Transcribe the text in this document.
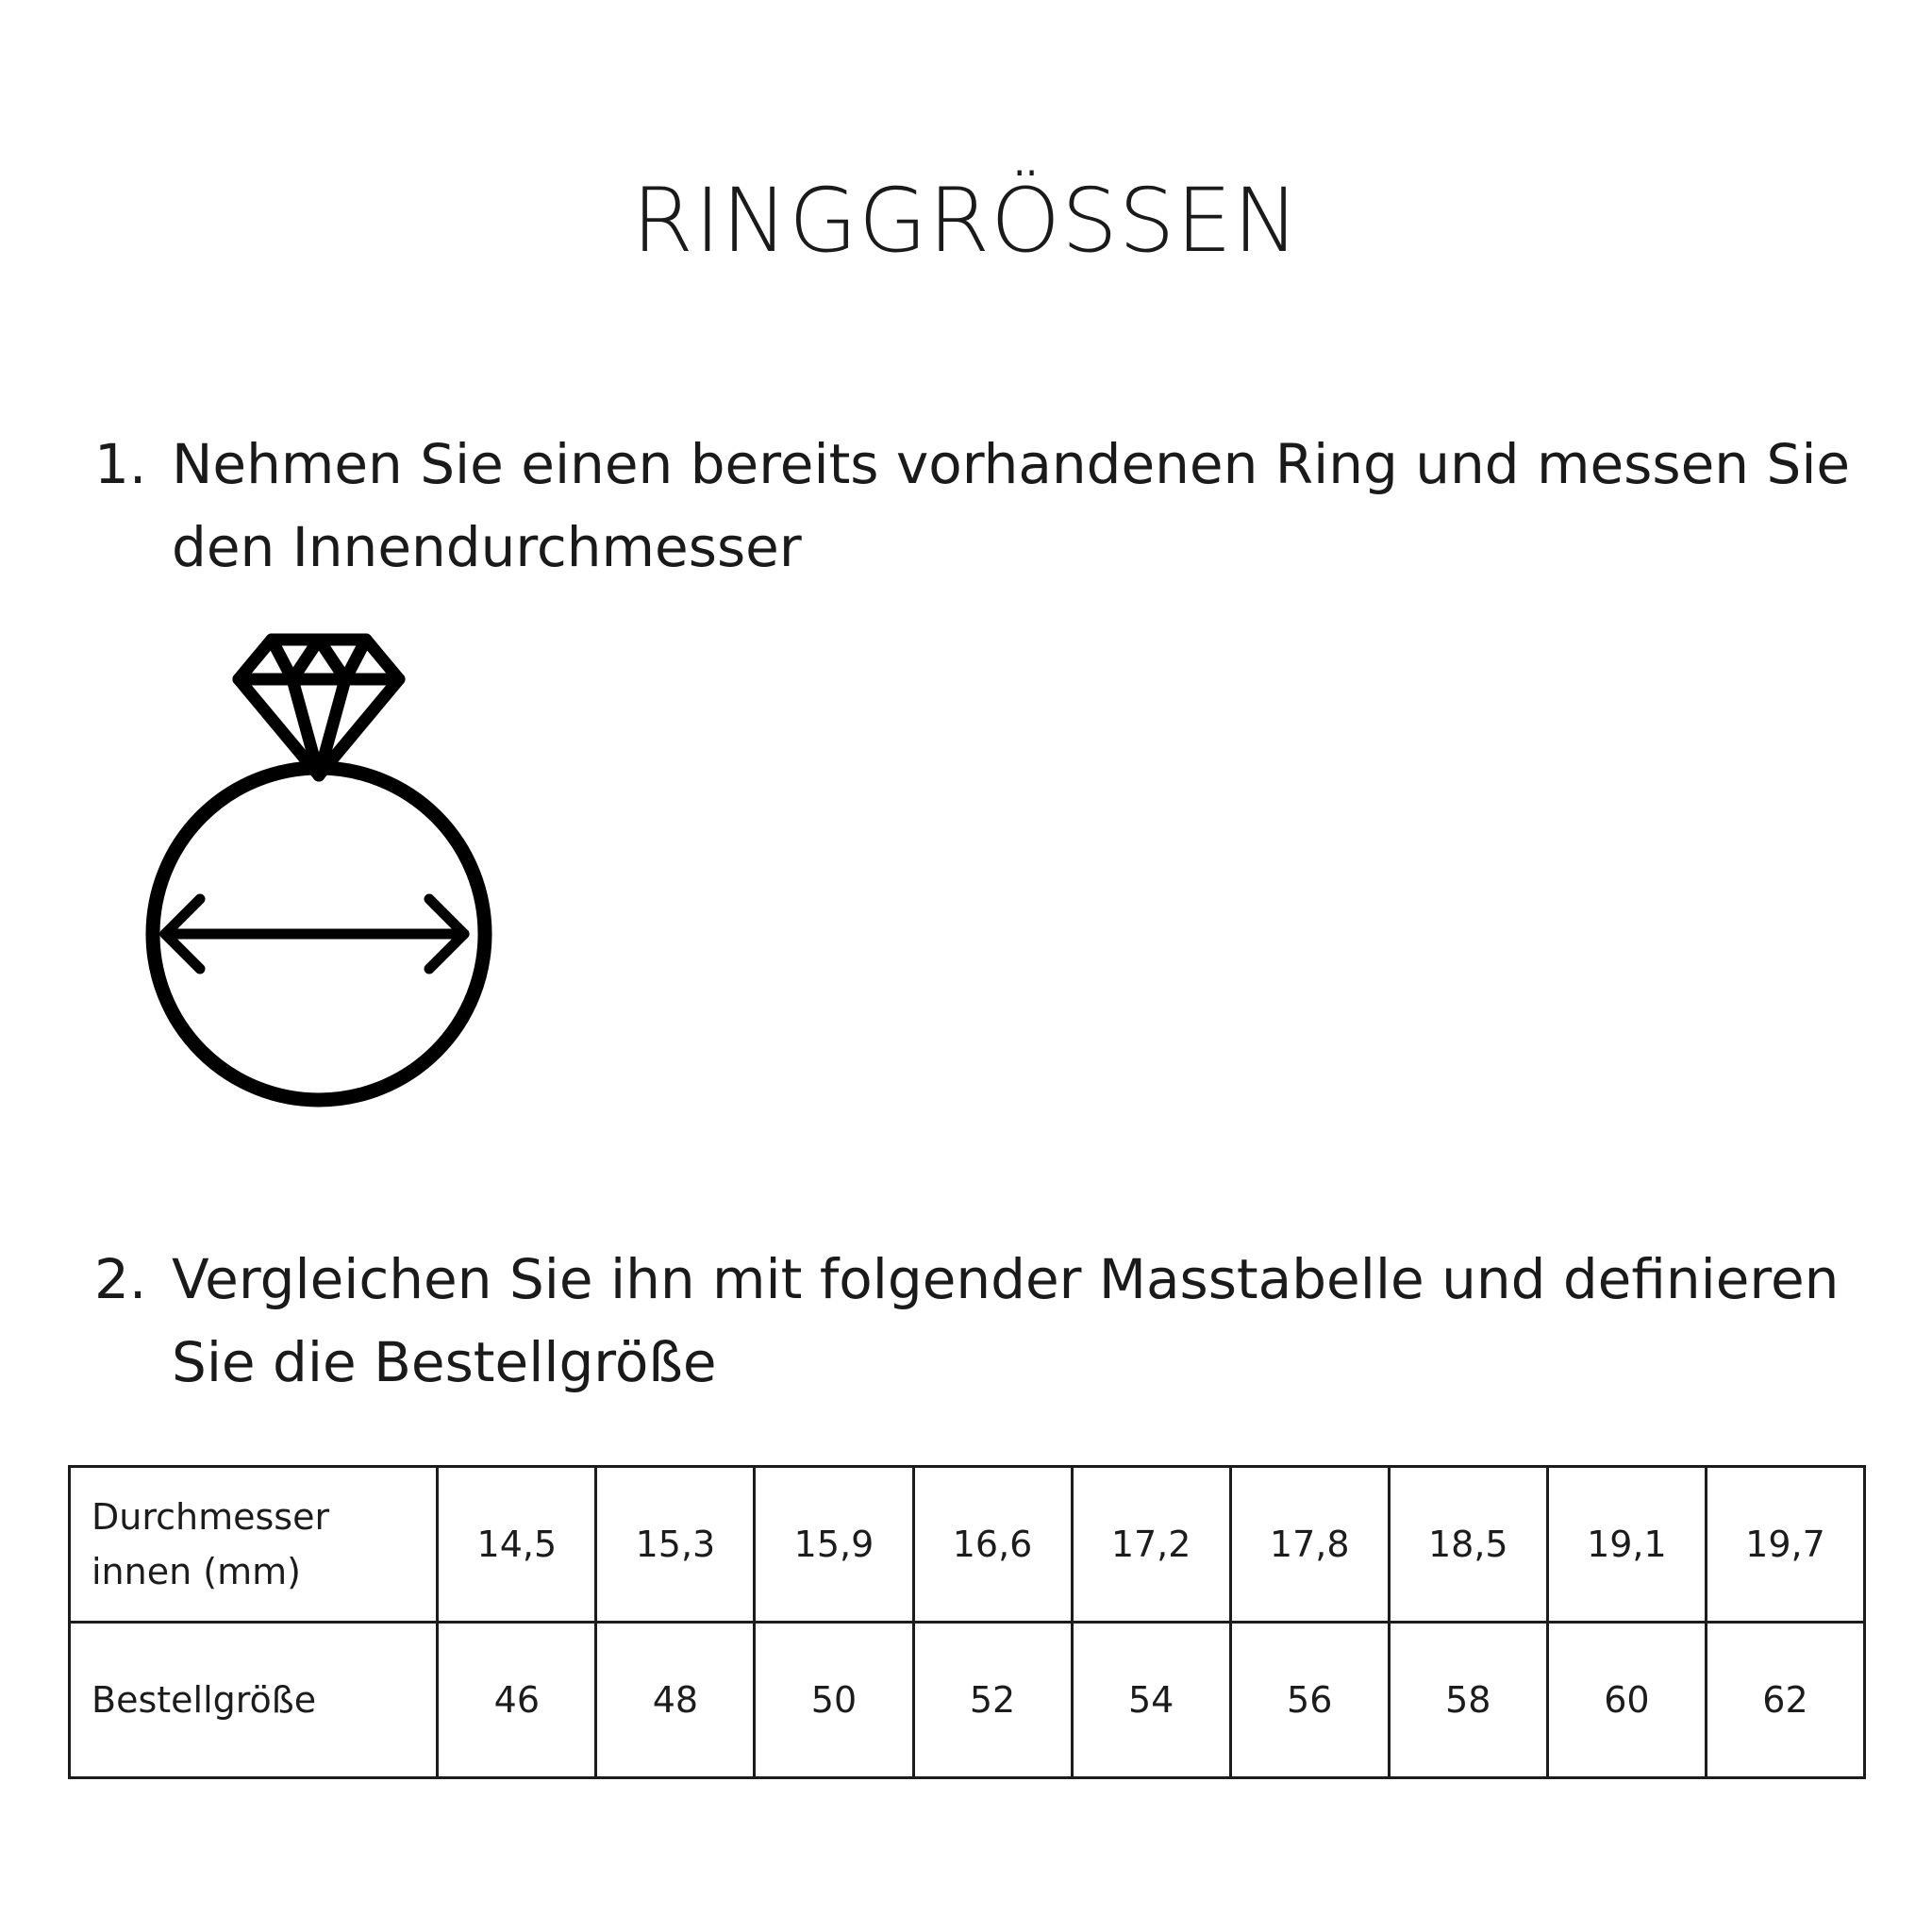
RINGGRÖSSEN
1. Nehmen Sie einen bereits vorhandenen Ring und messen Sie den Innendurchmesser
2. Vergleichen Sie ihn mit folgender Masstabelle und definieren Sie die Bestellgröße
Durchmesser innen (mm)	14,5	15,3	15,9	16,6	17,2	17,8	18,5	19,1	19,7
Bestellgröße	46	48	50	52	54	56	58	60	62
